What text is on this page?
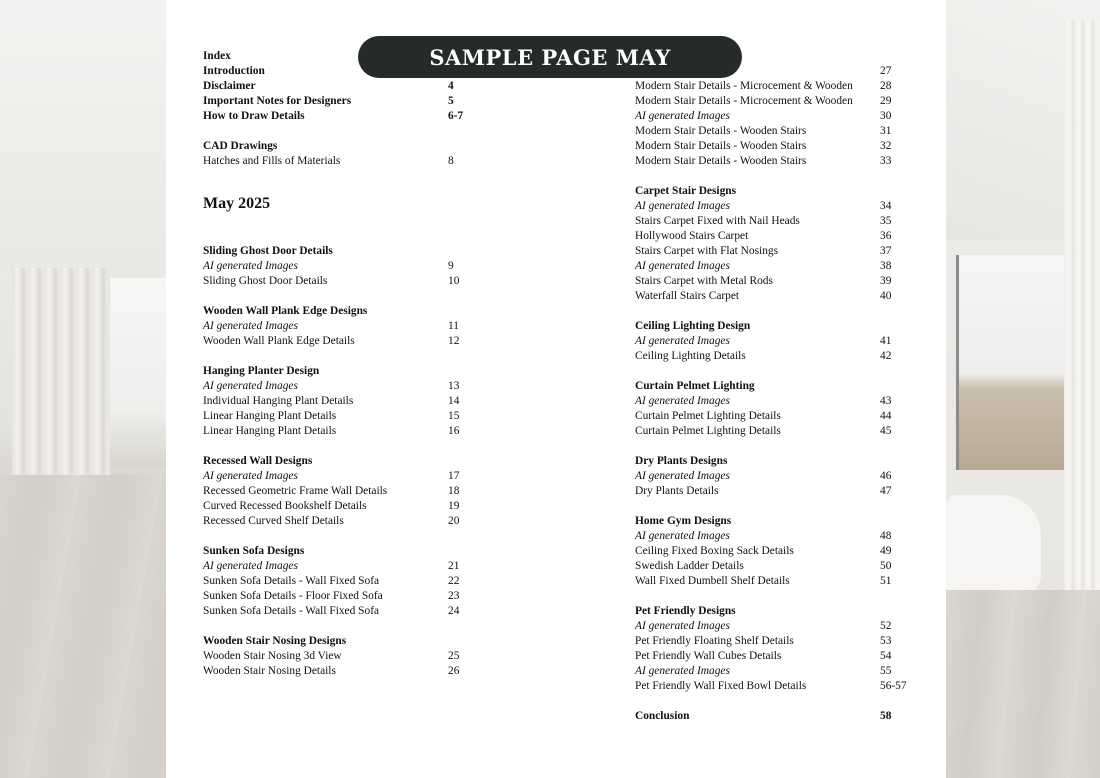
SAMPLE PAGE MAY
Index
Introduction
Disclaimer	4
Important Notes for Designers	5
How to Draw Details	6-7
CAD Drawings
Hatches and Fills of Materials	8
May 2025
Sliding Ghost Door Details
AI generated Images	9
Sliding Ghost Door Details	10
Wooden Wall Plank Edge Designs
AI generated Images	11
Wooden Wall Plank Edge Details	12
Hanging Planter Design
AI generated Images	13
Individual Hanging Plant Details	14
Linear Hanging Plant Details	15
Linear Hanging Plant Details	16
Recessed Wall Designs
AI generated Images	17
Recessed Geometric Frame Wall Details	18
Curved Recessed Bookshelf Details	19
Recessed Curved Shelf Details	20
Sunken Sofa Designs
AI generated Images	21
Sunken Sofa Details - Wall Fixed Sofa	22
Sunken Sofa Details - Floor Fixed Sofa	23
Sunken Sofa Details - Wall Fixed Sofa	24
Wooden Stair Nosing Designs
Wooden Stair Nosing 3d View	25
Wooden Stair Nosing Details	26
27
Modern Stair Details - Microcement & Wooden 28
Modern Stair Details - Microcement & Wooden 29
AI generated Images	30
Modern Stair Details - Wooden Stairs	31
Modern Stair Details - Wooden Stairs	32
Modern Stair Details - Wooden Stairs	33
Carpet Stair Designs
AI generated Images	34
Stairs Carpet Fixed with Nail Heads	35
Hollywood Stairs Carpet	36
Stairs Carpet with Flat Nosings	37
AI generated Images	38
Stairs Carpet with Metal Rods	39
Waterfall Stairs Carpet	40
Ceiling Lighting Design
AI generated Images	41
Ceiling Lighting Details	42
Curtain Pelmet Lighting
AI generated Images	43
Curtain Pelmet Lighting Details	44
Curtain Pelmet Lighting Details	45
Dry Plants Designs
AI generated Images	46
Dry Plants Details	47
Home Gym Designs
AI generated Images	48
Ceiling Fixed Boxing Sack Details	49
Swedish Ladder Details	50
Wall Fixed Dumbell Shelf Details	51
Pet Friendly Designs
AI generated Images	52
Pet Friendly Floating Shelf Details	53
Pet Friendly Wall Cubes Details	54
AI generated Images	55
Pet Friendly Wall Fixed Bowl Details	56-57
Conclusion	58
